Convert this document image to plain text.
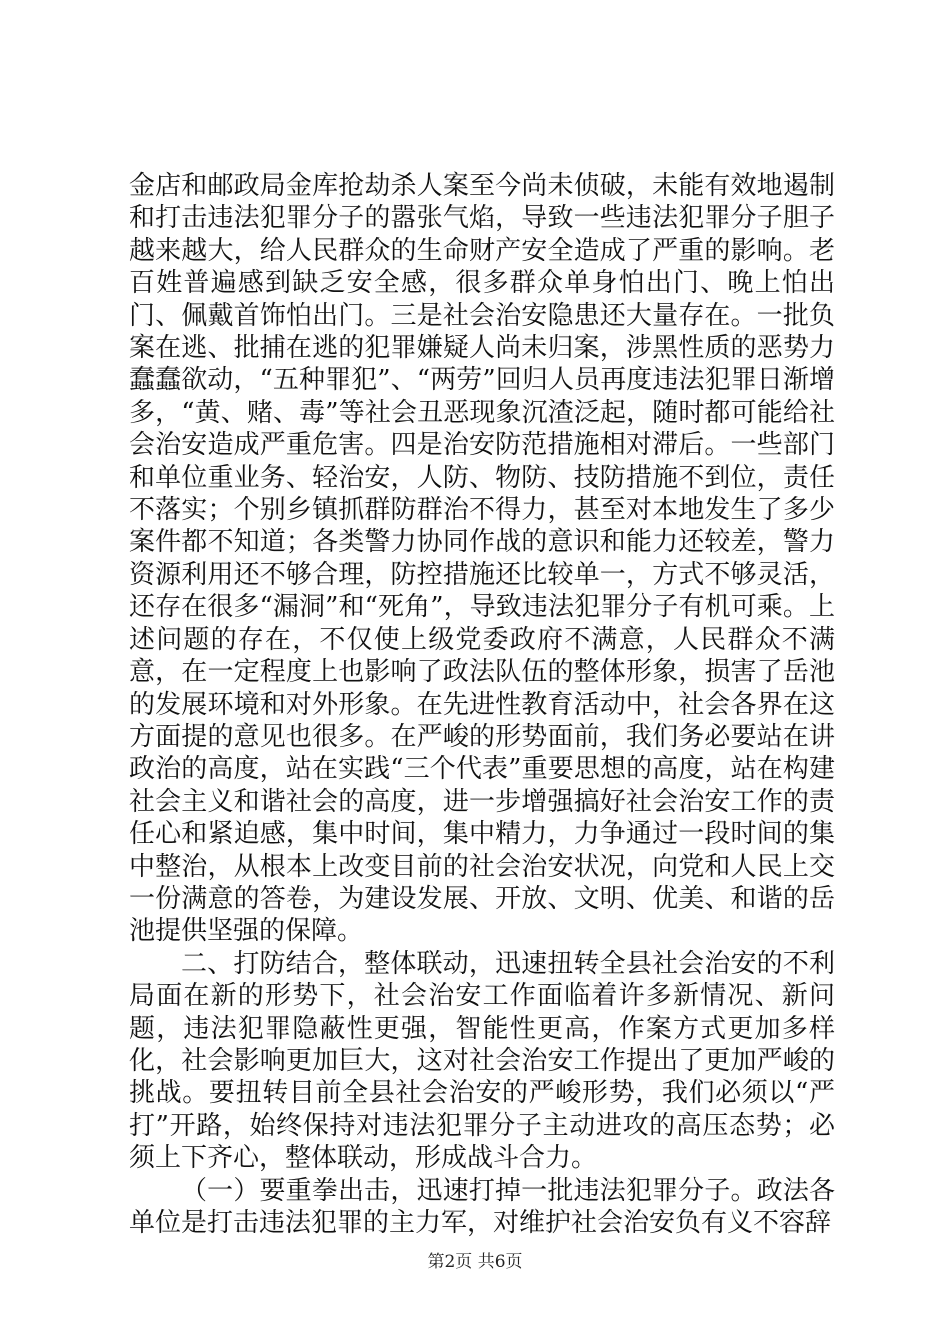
金店和邮政局金库抢劫杀人案至今尚未侦破，未能有效地遏制和打击违法犯罪分子的嚣张气焰，导致一些违法犯罪分子胆子越来越大，给人民群众的生命财产安全造成了严重的影响。老百姓普遍感到缺乏安全感，很多群众单身怕出门、晚上怕出门、佩戴首饰怕出门。三是社会治安隐患还大量存在。一批负案在逃、批捕在逃的犯罪嫌疑人尚未归案，涉黑性质的恶势力蠢蠢欲动，“五种罪犯”、“两劳”回归人员再度违法犯罪日渐增多，“黄、赌、毒”等社会丑恶现象沉渣泛起，随时都可能给社会治安造成严重危害。四是治安防范措施相对滞后。一些部门和单位重业务、轻治安，人防、物防、技防措施不到位，责任不落实；个别乡镇抓群防群治不得力，甚至对本地发生了多少案件都不知道；各类警力协同作战的意识和能力还较差，警力资源利用还不够合理，防控措施还比较单一，方式不够灵活，还存在很多“漏洞”和“死角”，导致违法犯罪分子有机可乘。上述问题的存在，不仅使上级党委政府不满意，人民群众不满意，在一定程度上也影响了政法队伍的整体形象，损害了岳池的发展环境和对外形象。在先进性教育活动中，社会各界在这方面提的意见也很多。在严峻的形势面前，我们务必要站在讲政治的高度，站在实践“三个代表”重要思想的高度，站在构建社会主义和谐社会的高度，进一步增强搞好社会治安工作的责任心和紧迫感，集中时间，集中精力，力争通过一段时间的集中整治，从根本上改变目前的社会治安状况，向党和人民上交一份满意的答卷，为建设发展、开放、文明、优美、和谐的岳池提供坚强的保障。

二、打防结合，整体联动，迅速扭转全县社会治安的不利局面在新的形势下，社会治安工作面临着许多新情况、新问题，违法犯罪隐蔽性更强，智能性更高，作案方式更加多样化，社会影响更加巨大，这对社会治安工作提出了更加严峻的挑战。要扭转目前全县社会治安的严峻形势，我们必须以“严打”开路，始终保持对违法犯罪分子主动进攻的高压态势；必须上下齐心，整体联动，形成战斗合力。

（一）要重拳出击，迅速打掉一批违法犯罪分子。政法各单位是打击违法犯罪的主力军，对维护社会治安负有义不容辞

第2页 共6页
